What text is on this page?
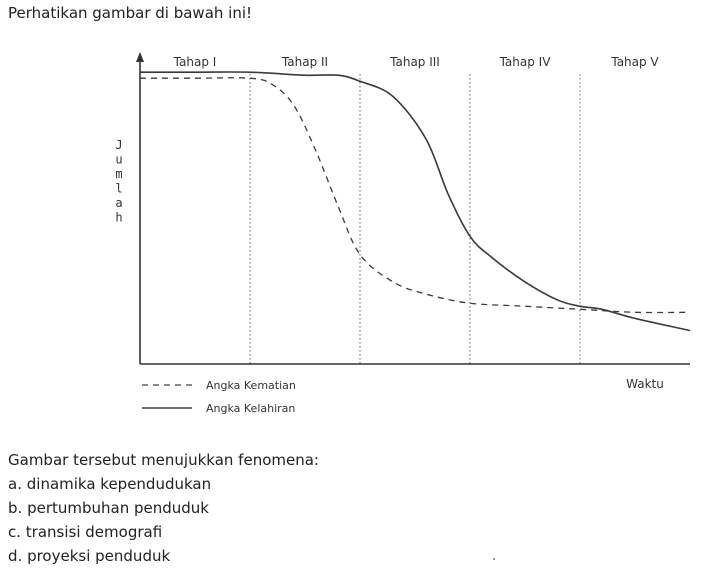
Perhatikan gambar di bawah ini!
Tahap I	Tahap II	Tahap III	Tahap IV	Tahap V
J
u
m
l
a
h
Waktu
Angka Kematian
Angka Kelahiran
Gambar tersebut menujukkan fenomena:
a. dinamika kependudukan
b. pertumbuhan penduduk
c. transisi demografi
d. proyeksi penduduk
